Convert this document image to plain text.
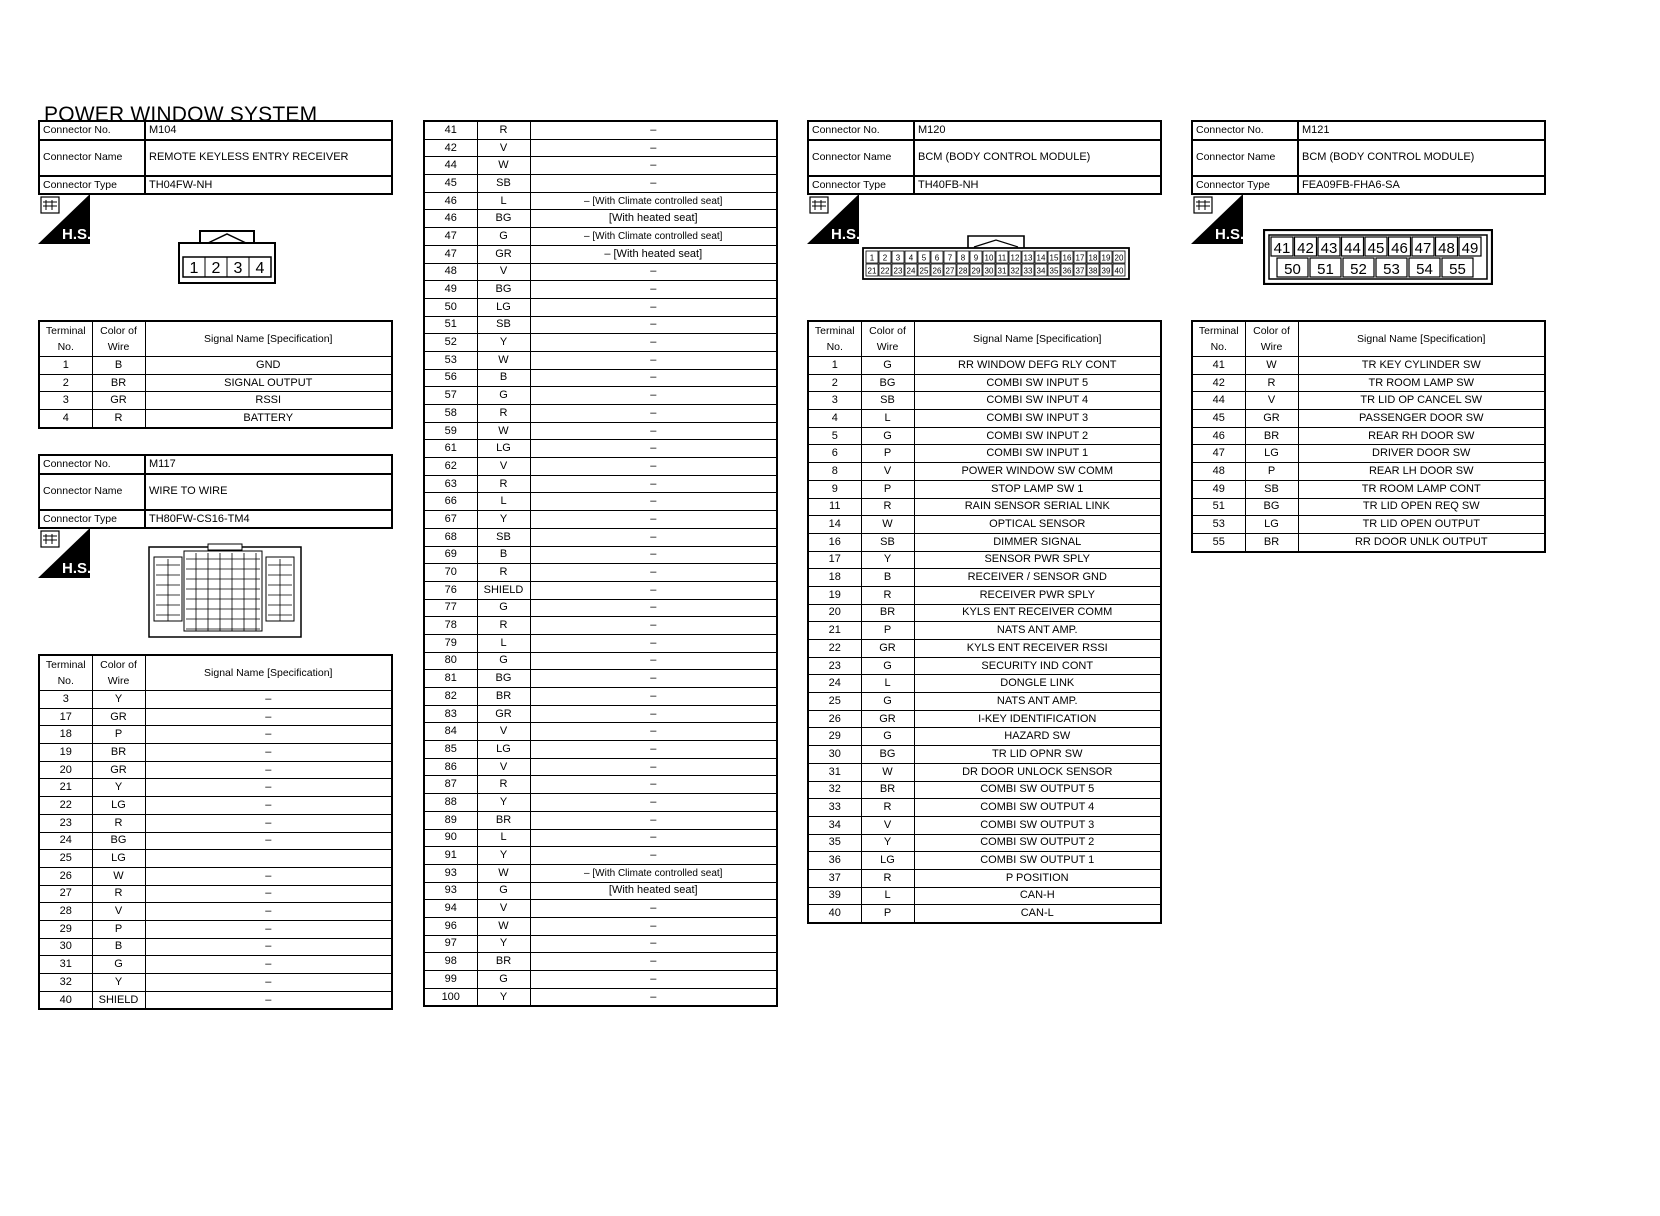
POWER WINDOW SYSTEM
Connector No.	M104
Connector Name	REMOTE KEYLESS ENTRY RECEIVER
Connector Type	TH04FW-NH
H.S.
1 2 3 4
Terminal No.	Color of Wire	Signal Name [Specification]
1	B	GND
2	BR	SIGNAL OUTPUT
3	GR	RSSI
4	R	BATTERY
Connector No.	M117
Connector Name	WIRE TO WIRE
Connector Type	TH80FW-CS16-TM4
H.S.
Terminal No.	Color of Wire	Signal Name [Specification]
3	Y	–
17	GR	–
18	P	–
19	BR	–
20	GR	–
21	Y	–
22	LG	–
23	R	–
24	BG	–
25	LG	
26	W	–
27	R	–
28	V	–
29	P	–
30	B	–
31	G	–
32	Y	–
40	SHIELD	–
41	R	–
42	V	–
44	W	–
45	SB	–
46	L	– [With Climate controlled seat]
46	BG	[With heated seat]
47	G	– [With Climate controlled seat]
47	GR	– [With heated seat]
48	V	–
49	BG	–
50	LG	–
51	SB	–
52	Y	–
53	W	–
56	B	–
57	G	–
58	R	–
59	W	–
61	LG	–
62	V	–
63	R	–
66	L	–
67	Y	–
68	SB	–
69	B	–
70	R	–
76	SHIELD	–
77	G	–
78	R	–
79	L	–
80	G	–
81	BG	–
82	BR	–
83	GR	–
84	V	–
85	LG	–
86	V	–
87	R	–
88	Y	–
89	BR	–
90	L	–
91	Y	–
93	W	– [With Climate controlled seat]
93	G	[With heated seat]
94	V	–
96	W	–
97	Y	–
98	BR	–
99	G	–
100	Y	–
Connector No.	M120
Connector Name	BCM (BODY CONTROL MODULE)
Connector Type	TH40FB-NH
H.S.
1 2 3 4 5 6 7 8 9 10 11 12 13 14 15 16 17 18 19 20
21 22 23 24 25 26 27 28 29 30 31 32 33 34 35 36 37 38 39 40
Terminal No.	Color of Wire	Signal Name [Specification]
1	G	RR WINDOW DEFG RLY CONT
2	BG	COMBI SW INPUT 5
3	SB	COMBI SW INPUT 4
4	L	COMBI SW INPUT 3
5	G	COMBI SW INPUT 2
6	P	COMBI SW INPUT 1
8	V	POWER WINDOW SW COMM
9	P	STOP LAMP SW 1
11	R	RAIN SENSOR SERIAL LINK
14	W	OPTICAL SENSOR
16	SB	DIMMER SIGNAL
17	Y	SENSOR PWR SPLY
18	B	RECEIVER / SENSOR GND
19	R	RECEIVER PWR SPLY
20	BR	KYLS ENT RECEIVER COMM
21	P	NATS ANT AMP.
22	GR	KYLS ENT RECEIVER RSSI
23	G	SECURITY IND CONT
24	L	DONGLE LINK
25	G	NATS ANT AMP.
26	GR	I-KEY IDENTIFICATION
29	G	HAZARD SW
30	BG	TR LID OPNR SW
31	W	DR DOOR UNLOCK SENSOR
32	BR	COMBI SW OUTPUT 5
33	R	COMBI SW OUTPUT 4
34	V	COMBI SW OUTPUT 3
35	Y	COMBI SW OUTPUT 2
36	LG	COMBI SW OUTPUT 1
37	R	P POSITION
39	L	CAN-H
40	P	CAN-L
Connector No.	M121
Connector Name	BCM (BODY CONTROL MODULE)
Connector Type	FEA09FB-FHA6-SA
H.S.
41 42 43 44 45 46 47 48 49
50 51 52 53 54 55
Terminal No.	Color of Wire	Signal Name [Specification]
41	W	TR KEY CYLINDER SW
42	R	TR ROOM LAMP SW
44	V	TR LID OP CANCEL SW
45	GR	PASSENGER DOOR SW
46	BR	REAR RH DOOR SW
47	LG	DRIVER DOOR SW
48	P	REAR LH DOOR SW
49	SB	TR ROOM LAMP CONT
51	BG	TR LID OPEN REQ SW
53	LG	TR LID OPEN OUTPUT
55	BR	RR DOOR UNLK OUTPUT
